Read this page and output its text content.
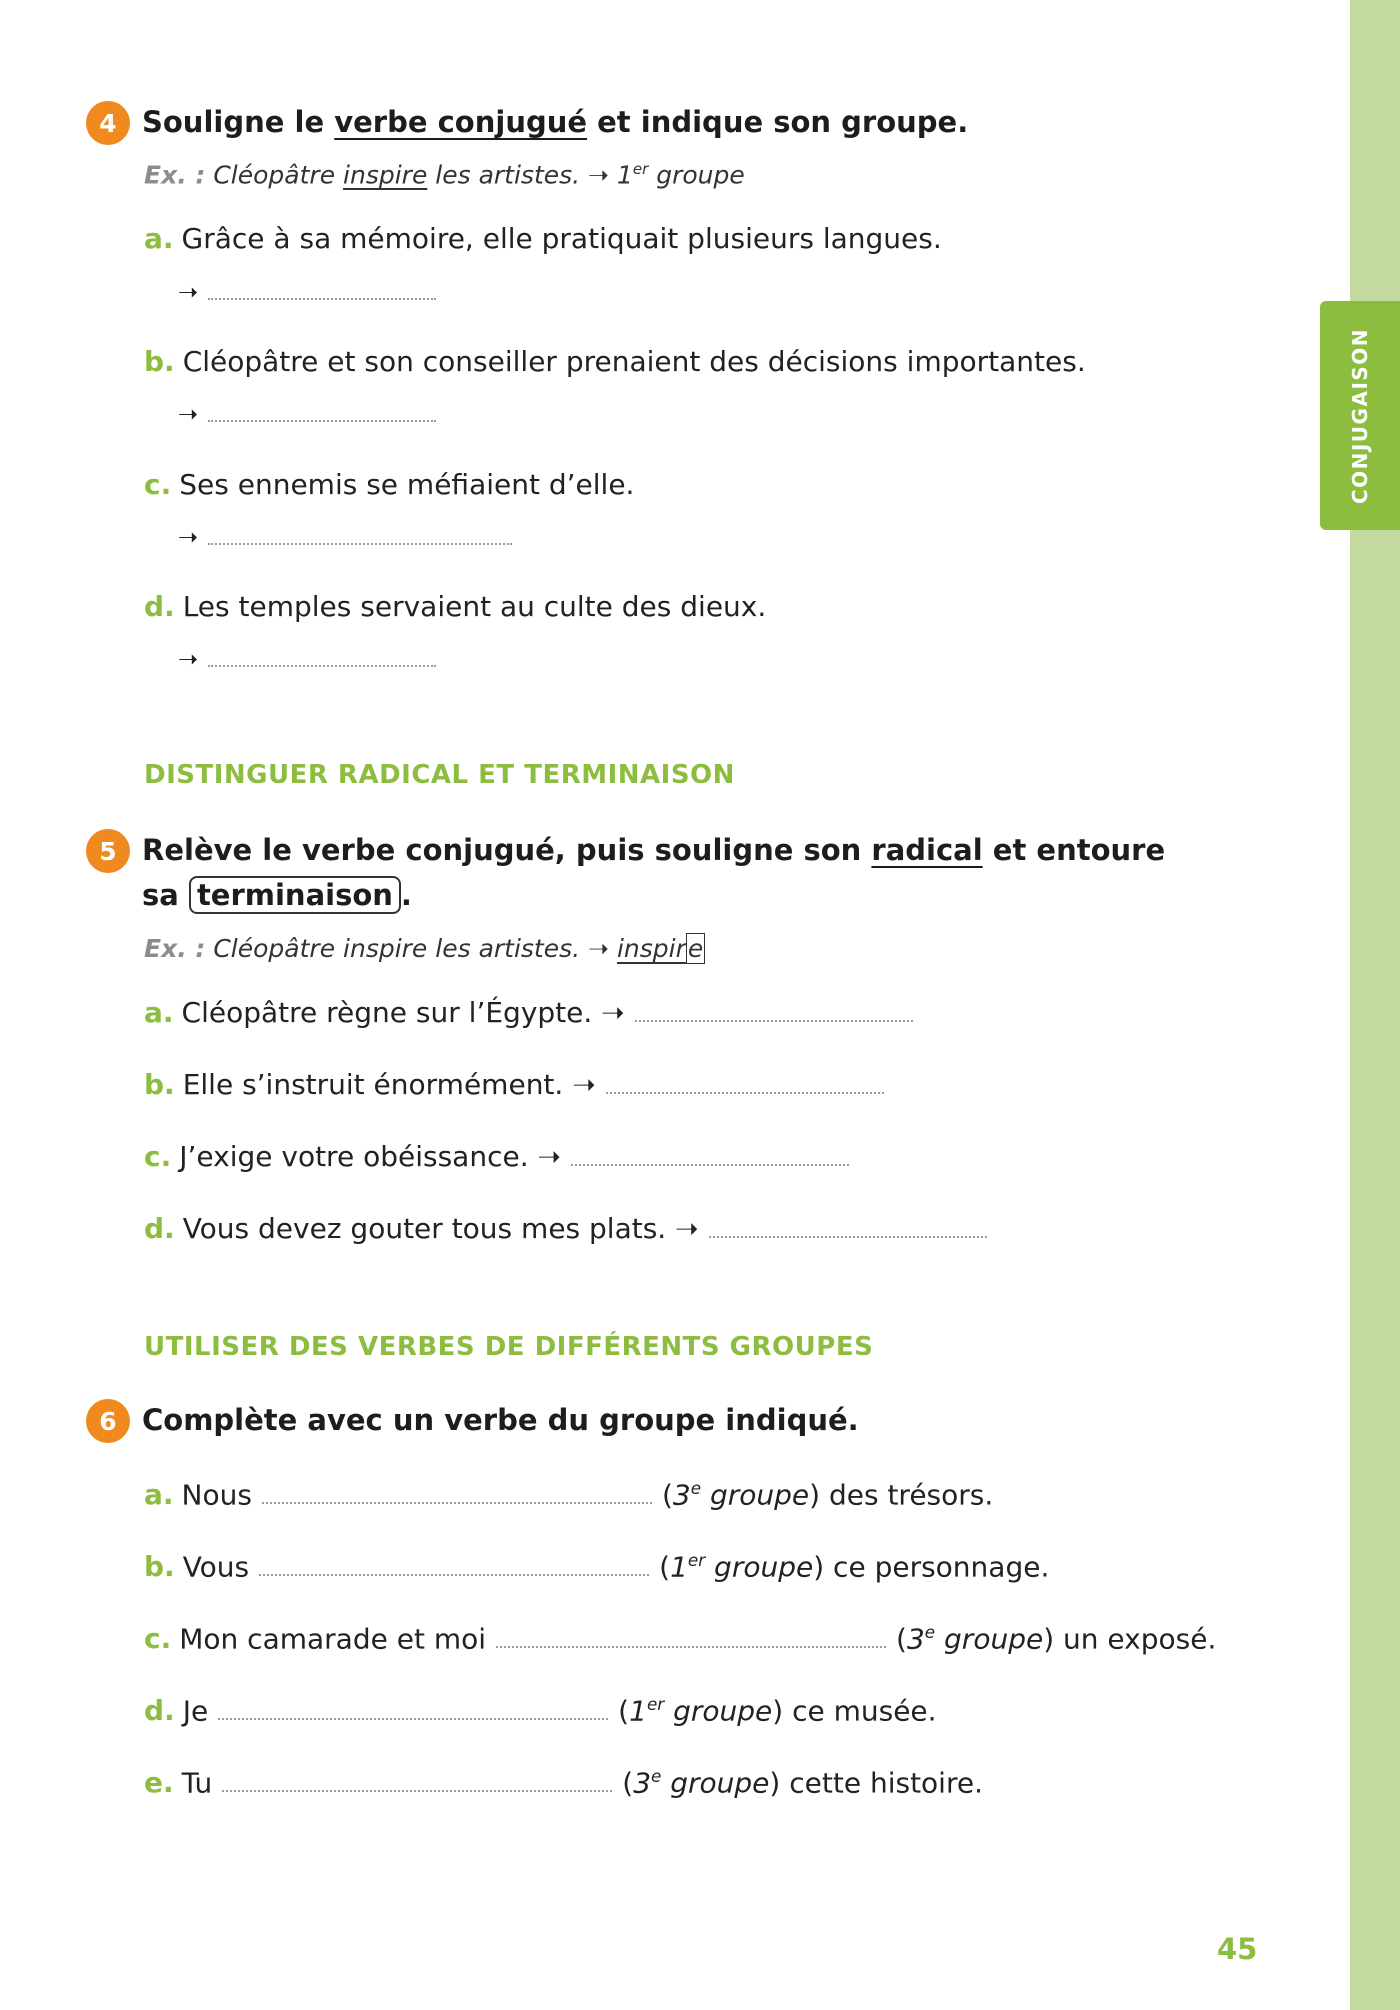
CONJUGAISON
4 Souligne le verbe conjugué et indique son groupe.
Ex. : Cléopâtre inspire les artistes. ➝ 1er groupe
a. Grâce à sa mémoire, elle pratiquait plusieurs langues.
➝
b. Cléopâtre et son conseiller prenaient des décisions importantes.
➝
c. Ses ennemis se méfiaient d’elle.
➝
d. Les temples servaient au culte des dieux.
➝
DISTINGUER RADICAL ET TERMINAISON
5 Relève le verbe conjugué, puis souligne son radical et entoure
sa terminaison .
Ex. : Cléopâtre inspire les artistes. ➝ inspire
a. Cléopâtre règne sur l’Égypte. ➝
b. Elle s’instruit énormément. ➝
c. J’exige votre obéissance. ➝
d. Vous devez gouter tous mes plats. ➝
UTILISER DES VERBES DE DIFFÉRENTS GROUPES
6 Complète avec un verbe du groupe indiqué.
a. Nous	(3e groupe) des trésors.
b. Vous	(1er groupe) ce personnage.
c. Mon camarade et moi	(3e groupe) un exposé.
d. Je	(1er groupe) ce musée.
e. Tu	(3e groupe) cette histoire.
45
